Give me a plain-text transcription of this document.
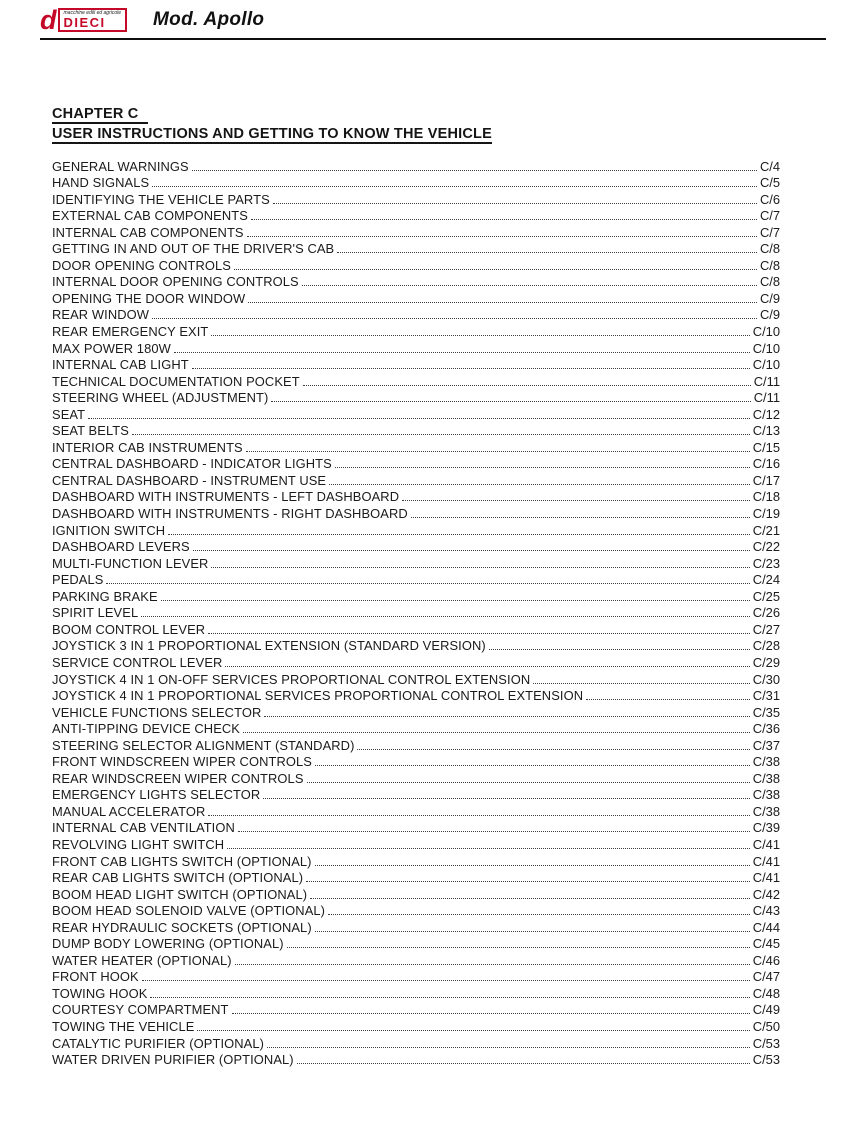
d macchine edili ed agricole
DIECI	Mod. Apollo
CHAPTER C
USER INSTRUCTIONS AND GETTING TO KNOW THE VEHICLE
GENERAL WARNINGS	C/4
HAND SIGNALS	C/5
IDENTIFYING THE VEHICLE PARTS	C/6
EXTERNAL CAB COMPONENTS	C/7
INTERNAL CAB COMPONENTS	C/7
GETTING IN AND OUT OF THE DRIVER'S CAB	C/8
DOOR OPENING CONTROLS	C/8
INTERNAL DOOR OPENING CONTROLS	C/8
OPENING THE DOOR WINDOW	C/9
REAR WINDOW	C/9
REAR EMERGENCY EXIT	C/10
MAX POWER 180W	C/10
INTERNAL CAB LIGHT	C/10
TECHNICAL DOCUMENTATION POCKET	C/11
STEERING WHEEL (ADJUSTMENT)	C/11
SEAT	C/12
SEAT BELTS	C/13
INTERIOR CAB INSTRUMENTS	C/15
CENTRAL DASHBOARD - INDICATOR LIGHTS	C/16
CENTRAL DASHBOARD - INSTRUMENT USE	C/17
DASHBOARD WITH INSTRUMENTS - LEFT DASHBOARD	C/18
DASHBOARD WITH INSTRUMENTS - RIGHT DASHBOARD	C/19
IGNITION SWITCH	C/21
DASHBOARD LEVERS	C/22
MULTI-FUNCTION LEVER	C/23
PEDALS	C/24
PARKING BRAKE	C/25
SPIRIT LEVEL	C/26
BOOM CONTROL LEVER	C/27
JOYSTICK 3 IN 1 PROPORTIONAL EXTENSION (STANDARD VERSION)	C/28
SERVICE CONTROL LEVER	C/29
JOYSTICK 4 IN 1 ON-OFF SERVICES PROPORTIONAL CONTROL EXTENSION	C/30
JOYSTICK 4 IN 1 PROPORTIONAL SERVICES PROPORTIONAL CONTROL EXTENSION	C/31
VEHICLE FUNCTIONS SELECTOR	C/35
ANTI-TIPPING DEVICE CHECK	C/36
STEERING SELECTOR ALIGNMENT (STANDARD)	C/37
FRONT WINDSCREEN WIPER CONTROLS	C/38
REAR WINDSCREEN WIPER CONTROLS	C/38
EMERGENCY LIGHTS SELECTOR	C/38
MANUAL ACCELERATOR	C/38
INTERNAL CAB VENTILATION	C/39
REVOLVING LIGHT SWITCH	C/41
FRONT CAB LIGHTS SWITCH (OPTIONAL)	C/41
REAR CAB LIGHTS SWITCH (OPTIONAL)	C/41
BOOM HEAD LIGHT SWITCH (OPTIONAL)	C/42
BOOM HEAD SOLENOID VALVE (OPTIONAL)	C/43
REAR HYDRAULIC SOCKETS (OPTIONAL)	C/44
DUMP BODY LOWERING (OPTIONAL)	C/45
WATER HEATER (OPTIONAL)	C/46
FRONT HOOK	C/47
TOWING HOOK	C/48
COURTESY COMPARTMENT	C/49
TOWING THE VEHICLE	C/50
CATALYTIC PURIFIER (OPTIONAL)	C/53
WATER DRIVEN PURIFIER (OPTIONAL)	C/53
